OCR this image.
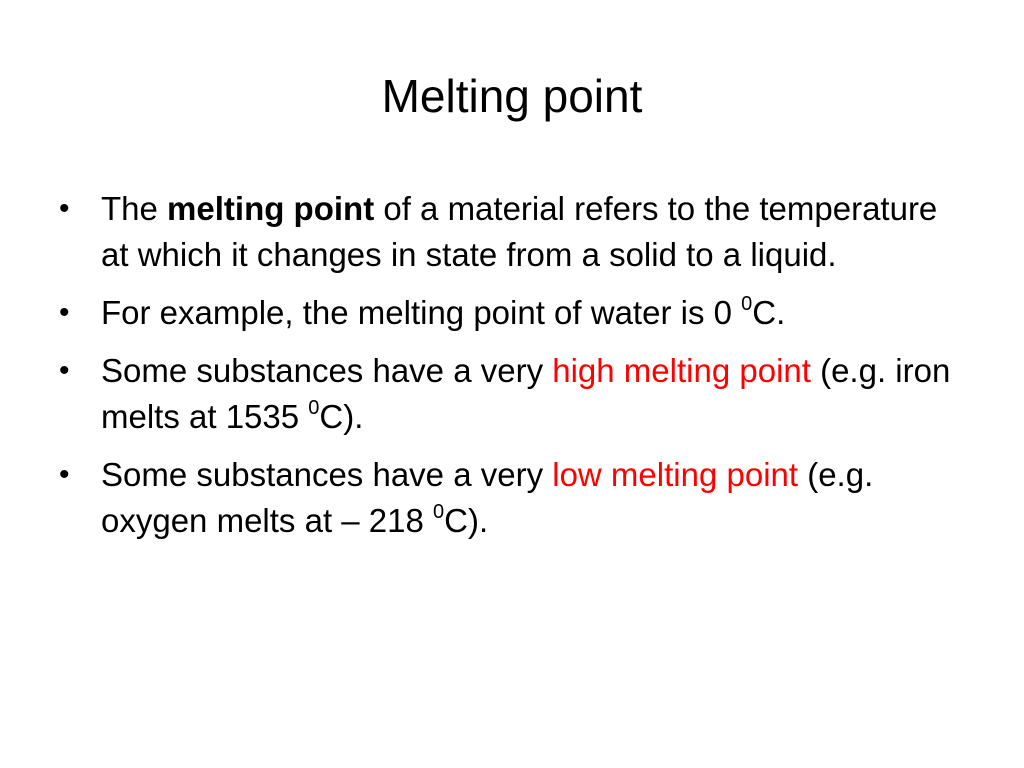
Melting point
• The melting point of a material refers to the temperature at which it changes in state from a solid to a liquid.
• For example, the melting point of water is 0 $^0$C.
• Some substances have a very high melting point (e.g. iron melts at 1535 $^0$C).
• Some substances have a very low melting point (e.g. oxygen melts at – 218 $^0$C).
